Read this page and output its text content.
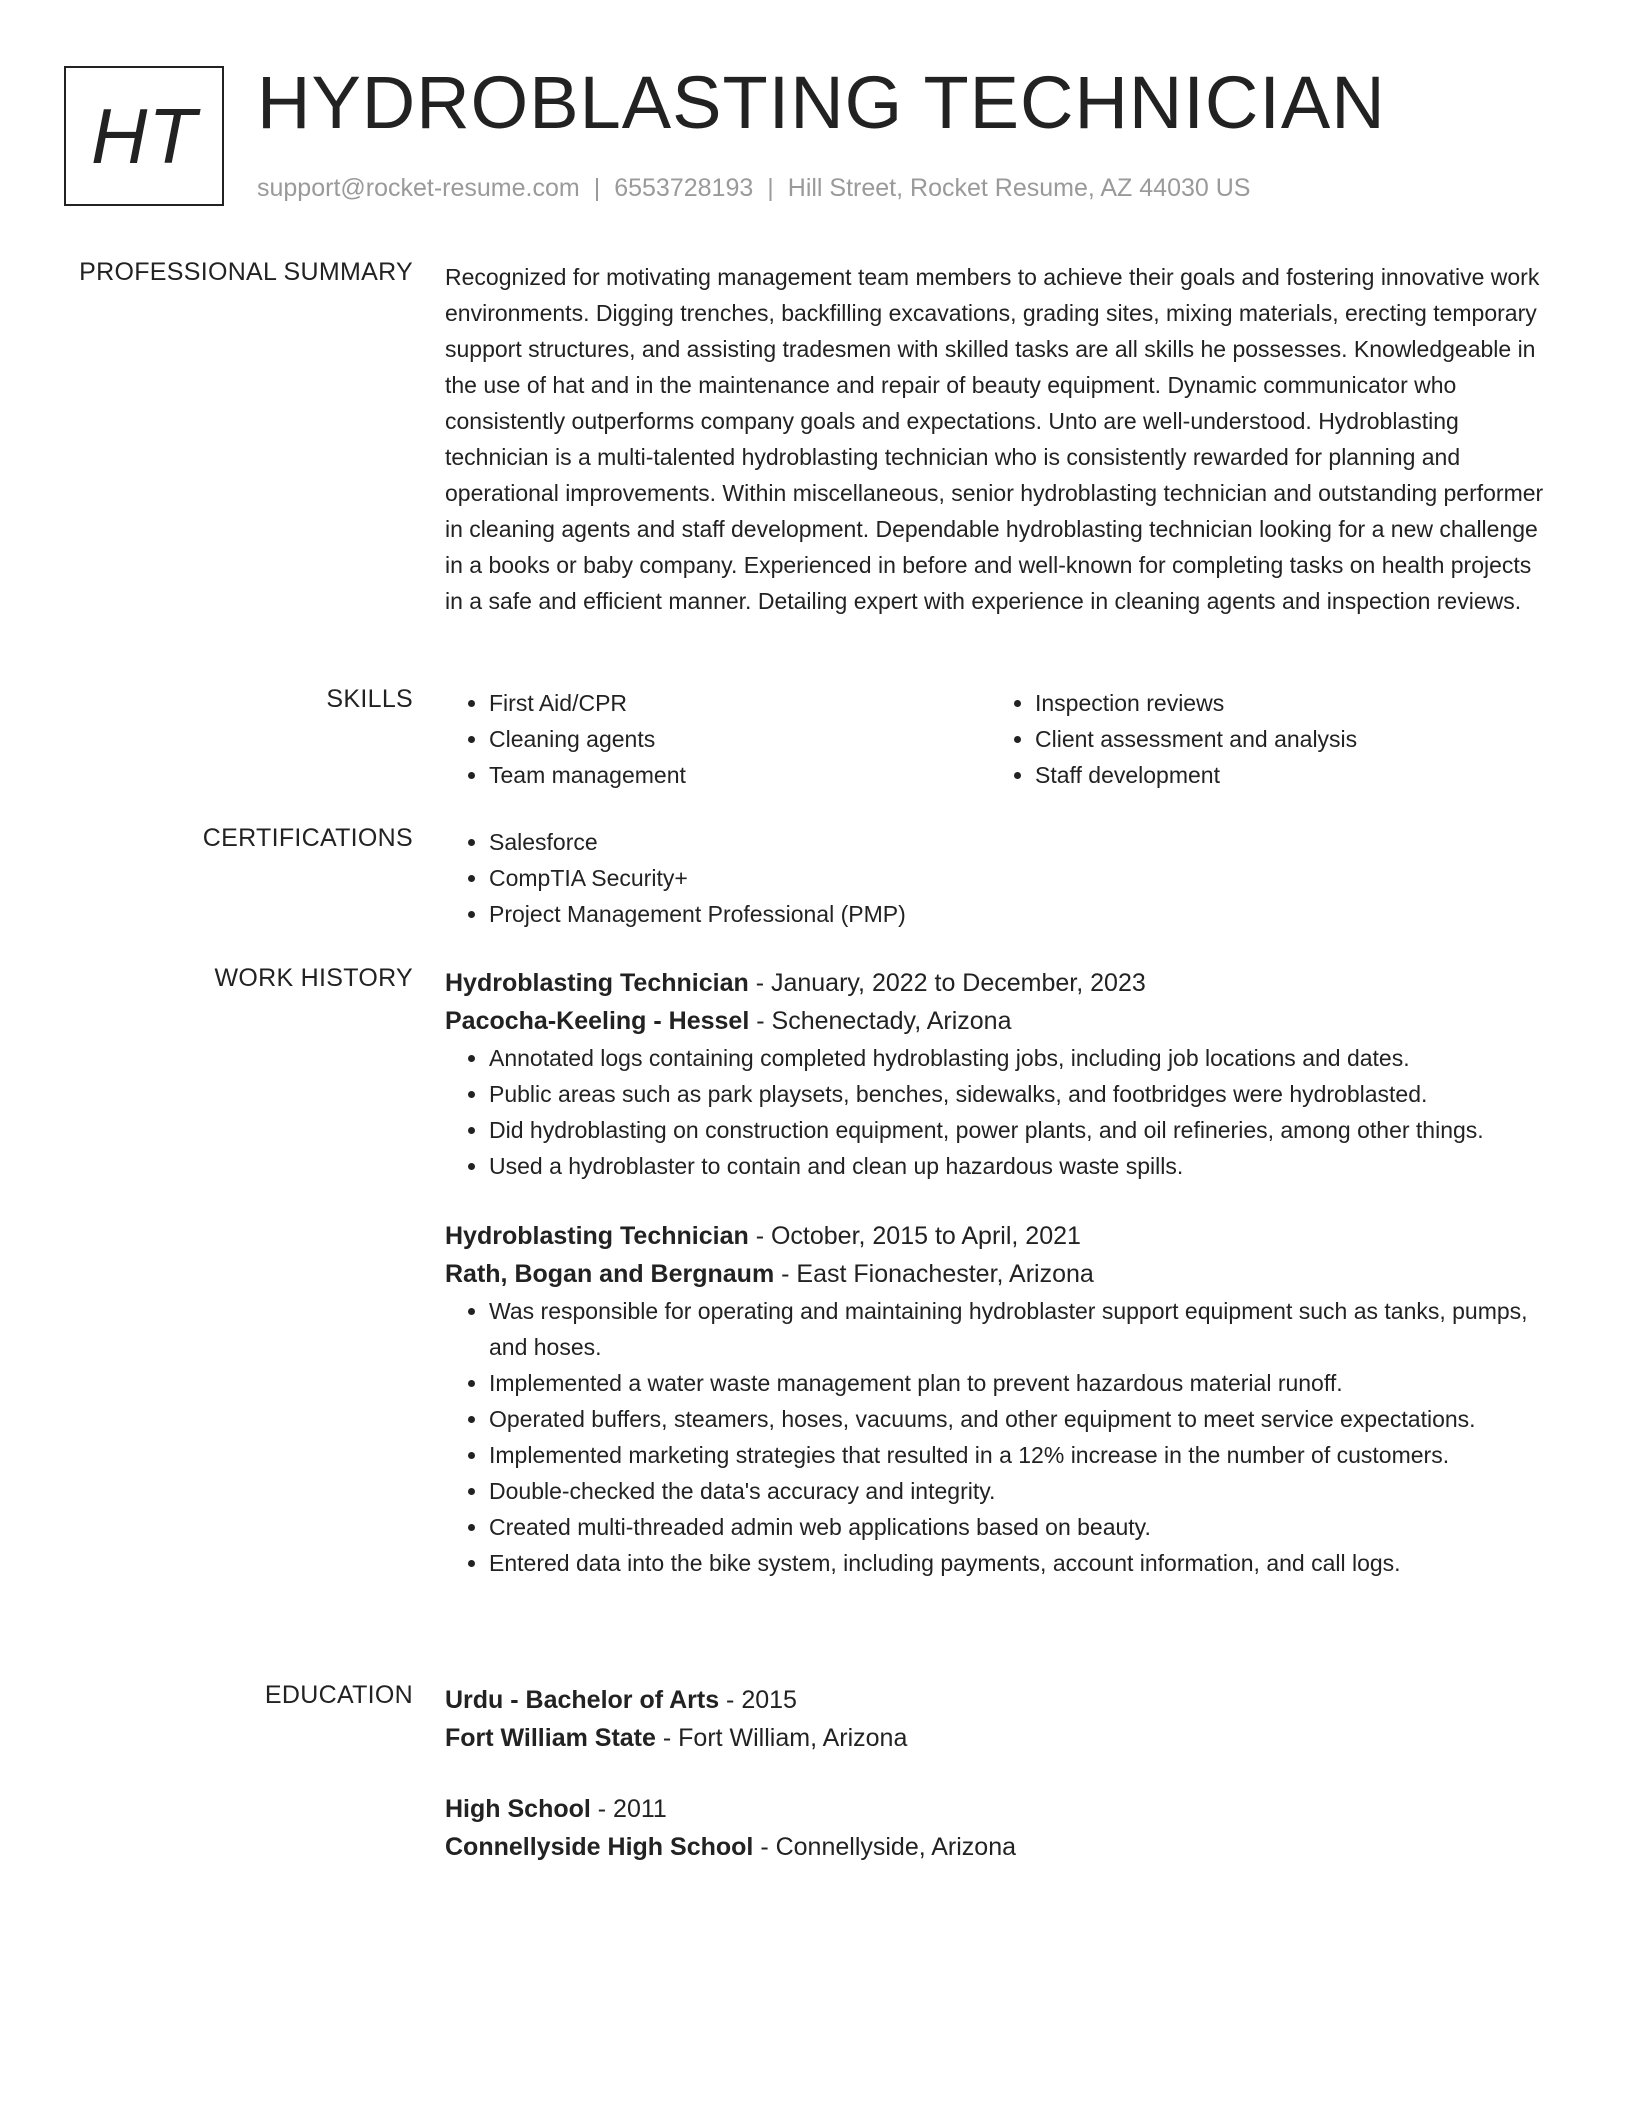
HT HYDROBLASTING TECHNICIAN
support@rocket-resume.com | 6553728193 | Hill Street, Rocket Resume, AZ 44030 US
PROFESSIONAL SUMMARY Recognized for motivating management team members to achieve their goals and fostering innovative work environments. Digging trenches, backfilling excavations, grading sites, mixing materials, erecting temporary support structures, and assisting tradesmen with skilled tasks are all skills he possesses. Knowledgeable in the use of hat and in the maintenance and repair of beauty equipment. Dynamic communicator who consistently outperforms company goals and expectations. Unto are well-understood. Hydroblasting technician is a multi-talented hydroblasting technician who is consistently rewarded for planning and operational improvements. Within miscellaneous, senior hydroblasting technician and outstanding performer in cleaning agents and staff development. Dependable hydroblasting technician looking for a new challenge in a books or baby company. Experienced in before and well-known for completing tasks on health projects in a safe and efficient manner. Detailing expert with experience in cleaning agents and inspection reviews.

SKILLS	• First Aid/CPR
• Cleaning agents
• Team management
• Inspection reviews
• Client assessment and analysis
• Staff development
CERTIFICATIONS	• Salesforce
• CompTIA Security+
• Project Management Professional (PMP)
WORK HISTORY Hydroblasting Technician - January, 2022 to December, 2023
Pacocha-Keeling - Hessel - Schenectady, Arizona
• Annotated logs containing completed hydroblasting jobs, including job locations and dates.
• Public areas such as park playsets, benches, sidewalks, and footbridges were hydroblasted.
• Did hydroblasting on construction equipment, power plants, and oil refineries, among other things.
• Used a hydroblaster to contain and clean up hazardous waste spills.
Hydroblasting Technician - October, 2015 to April, 2021
Rath, Bogan and Bergnaum - East Fionachester, Arizona
• Was responsible for operating and maintaining hydroblaster support equipment such as tanks, pumps, and hoses.
• Implemented a water waste management plan to prevent hazardous material runoff.
• Operated buffers, steamers, hoses, vacuums, and other equipment to meet service expectations.
• Implemented marketing strategies that resulted in a 12% increase in the number of customers.
• Double-checked the data's accuracy and integrity.
• Created multi-threaded admin web applications based on beauty.
• Entered data into the bike system, including payments, account information, and call logs.
EDUCATION Urdu - Bachelor of Arts - 2015
Fort William State - Fort William, Arizona
High School - 2011
Connellyside High School - Connellyside, Arizona
